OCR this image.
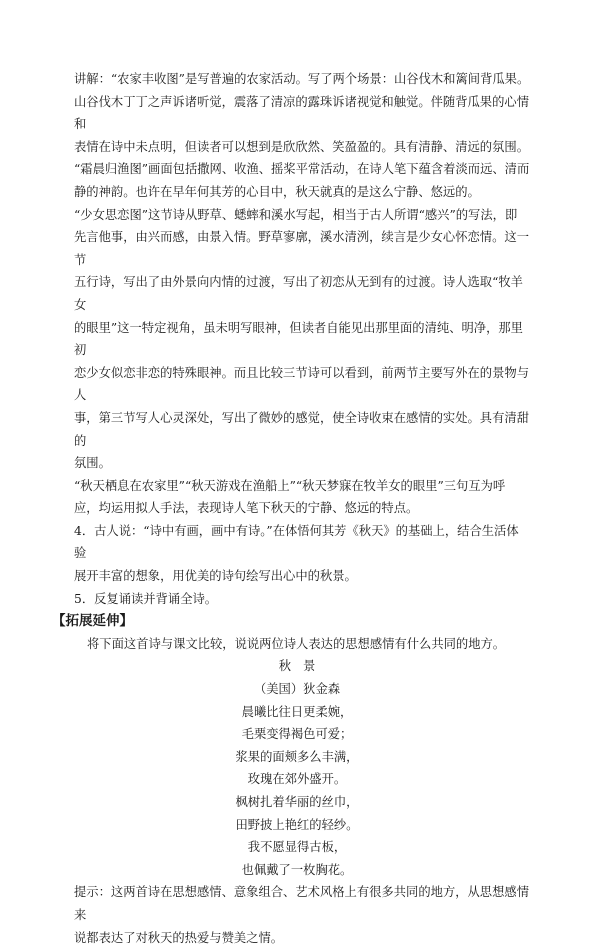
讲解：“农家丰收图”是写普遍的农家活动。写了两个场景：山谷伐木和篱间背瓜果。

山谷伐木丁丁之声诉诸听觉，震落了清凉的露珠诉诸视觉和触觉。伴随背瓜果的心情和

表情在诗中未点明，但读者可以想到是欣欣然、笑盈盈的。具有清静、清远的氛围。

“霜晨归渔图”画面包括撒网、收渔、摇桨平常活动，在诗人笔下蕴含着淡而远、清而

静的神韵。也许在早年何其芳的心目中，秋天就真的是这么宁静、悠远的。

“少女思恋图”这节诗从野草、蟋蟀和溪水写起，相当于古人所谓“感兴”的写法，即

先言他事，由兴而感，由景入情。野草寥廓，溪水清洌，续言是少女心怀恋情。这一节

五行诗，写出了由外景向内情的过渡，写出了初恋从无到有的过渡。诗人选取“牧羊女

的眼里”这一特定视角，虽未明写眼神，但读者自能见出那里面的清纯、明净，那里初

恋少女似恋非恋的特殊眼神。而且比较三节诗可以看到，前两节主要写外在的景物与人

事，第三节写人心灵深处，写出了微妙的感觉，使全诗收束在感情的实处。具有清甜的

氛围。

“秋天栖息在农家里”“秋天游戏在渔船上”“秋天梦寐在牧羊女的眼里”三句互为呼

应，均运用拟人手法，表现诗人笔下秋天的宁静、悠远的特点。

4．古人说：“诗中有画，画中有诗。”在体悟何其芳《秋天》的基础上，结合生活体验

展开丰富的想象，用优美的诗句绘写出心中的秋景。

5．反复诵读并背诵全诗。

【拓展延伸】

将下面这首诗与课文比较，说说两位诗人表达的思想感情有什么共同的地方。

秋景

（美国）狄金森

晨曦比往日更柔婉，

毛栗变得褐色可爱；

浆果的面颊多么丰满，

玫瑰在郊外盛开。

枫树扎着华丽的丝巾，

田野披上艳红的轻纱。

我不愿显得古板，

也佩戴了一枚胸花。

提示：这两首诗在思想感情、意象组合、艺术风格上有很多共同的地方，从思想感情来

说都表达了对秋天的热爱与赞美之情。
